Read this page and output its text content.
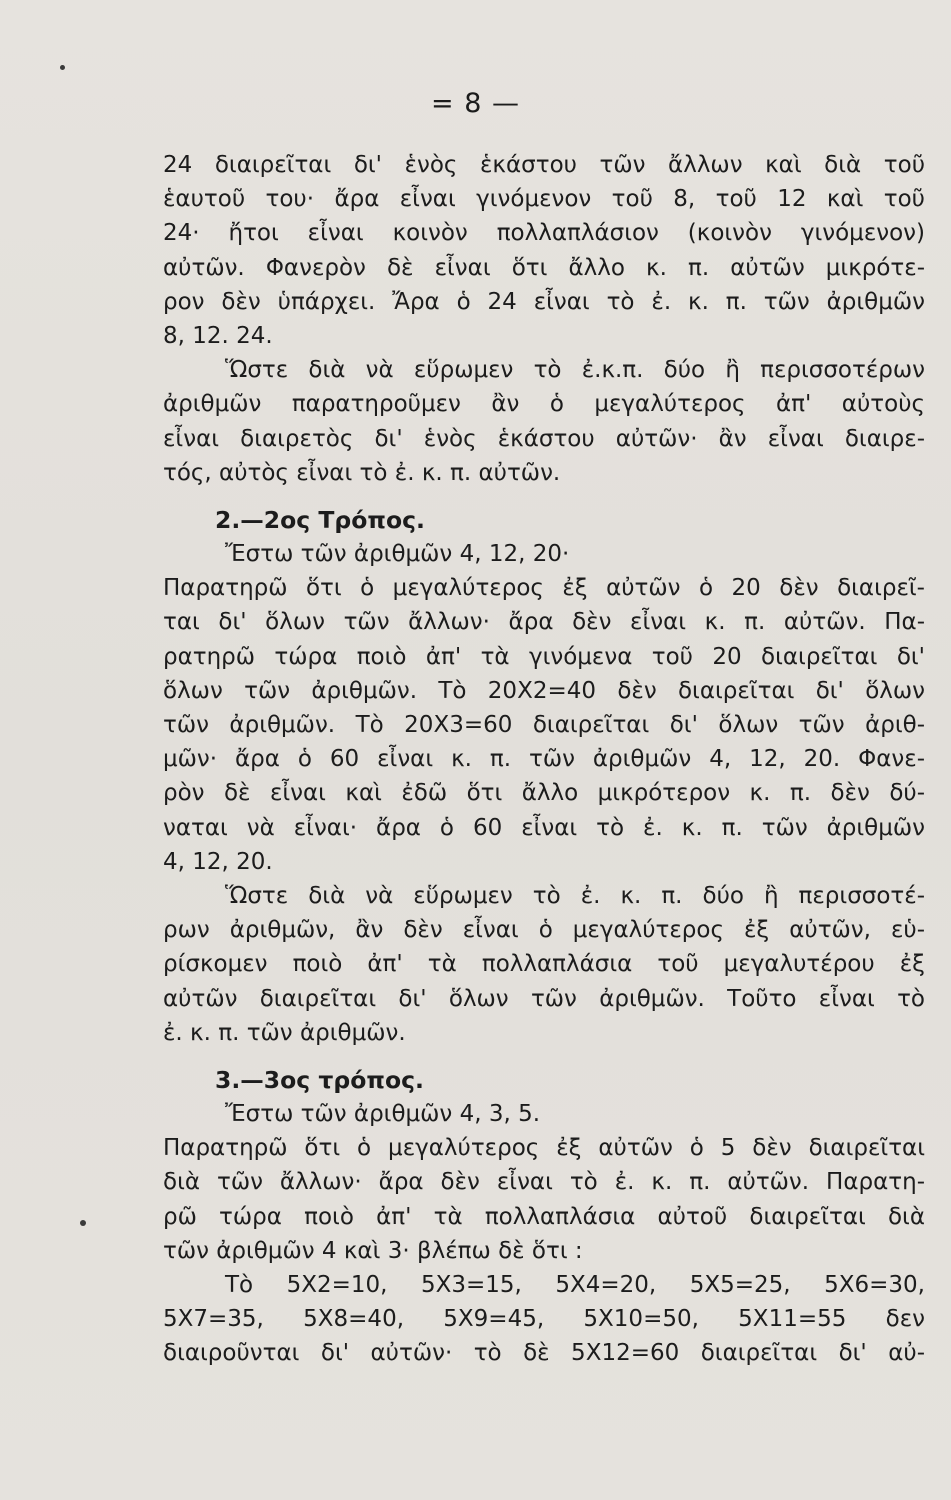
= 8 —
24 διαιρεῖται δι' ἑνὸς ἑκάστου τῶν ἄλλων καὶ διὰ τοῦ
ἑαυτοῦ του· ἄρα εἶναι γινόμενον τοῦ 8, τοῦ 12 καὶ τοῦ
24· ἤτοι εἶναι κοινὸν πολλαπλάσιον (κοινὸν γινόμενον)
αὐτῶν. Φανερὸν δὲ εἶναι ὅτι ἄλλο κ. π. αὐτῶν μικρότε-
ρον δὲν ὑπάρχει. Ἄρα ὁ 24 εἶναι τὸ ἐ. κ. π. τῶν ἀριθμῶν
8, 12. 24.
Ὥστε διὰ νὰ εὕρωμεν τὸ ἐ.κ.π. δύο ἢ περισσοτέρων
ἀριθμῶν παρατηροῦμεν ἂν ὁ μεγαλύτερος ἀπ' αὐτοὺς
εἶναι διαιρετὸς δι' ἑνὸς ἑκάστου αὐτῶν· ἂν εἶναι διαιρε-
τός, αὐτὸς εἶναι τὸ ἐ. κ. π. αὐτῶν.
2.—2ος Τρόπος.
Ἔστω τῶν ἀριθμῶν 4, 12, 20·
Παρατηρῶ ὅτι ὁ μεγαλύτερος ἐξ αὐτῶν ὁ 20 δὲν διαιρεῖ-
ται δι' ὅλων τῶν ἄλλων· ἄρα δὲν εἶναι κ. π. αὐτῶν. Πα-
ρατηρῶ τώρα ποιὸ ἀπ' τὰ γινόμενα τοῦ 20 διαιρεῖται δι'
ὅλων τῶν ἀριθμῶν. Τὸ 20Χ2=40 δὲν διαιρεῖται δι' ὅλων
τῶν ἀριθμῶν. Τὸ 20Χ3=60 διαιρεῖται δι' ὅλων τῶν ἀριθ-
μῶν· ἄρα ὁ 60 εἶναι κ. π. τῶν ἀριθμῶν 4, 12, 20. Φανε-
ρὸν δὲ εἶναι καὶ ἐδῶ ὅτι ἄλλο μικρότερον κ. π. δὲν δύ-
ναται νὰ εἶναι· ἄρα ὁ 60 εἶναι τὸ ἐ. κ. π. τῶν ἀριθμῶν
4, 12, 20.
Ὥστε διὰ νὰ εὕρωμεν τὸ ἐ. κ. π. δύο ἢ περισσοτέ-
ρων ἀριθμῶν, ἂν δὲν εἶναι ὁ μεγαλύτερος ἐξ αὐτῶν, εὑ-
ρίσκομεν ποιὸ ἀπ' τὰ πολλαπλάσια τοῦ μεγαλυτέρου ἐξ
αὐτῶν διαιρεῖται δι' ὅλων τῶν ἀριθμῶν. Τοῦτο εἶναι τὸ
ἐ. κ. π. τῶν ἀριθμῶν.
3.—3ος τρόπος.
Ἔστω τῶν ἀριθμῶν 4, 3, 5.
Παρατηρῶ ὅτι ὁ μεγαλύτερος ἐξ αὐτῶν ὁ 5 δὲν διαιρεῖται
διὰ τῶν ἄλλων· ἄρα δὲν εἶναι τὸ ἐ. κ. π. αὐτῶν. Παρατη-
ρῶ τώρα ποιὸ ἀπ' τὰ πολλαπλάσια αὐτοῦ διαιρεῖται διὰ
τῶν ἀριθμῶν 4 καὶ 3· βλέπω δὲ ὅτι :
Τὸ 5Χ2=10, 5Χ3=15, 5Χ4=20, 5Χ5=25, 5Χ6=30,
5Χ7=35, 5Χ8=40, 5Χ9=45, 5Χ10=50, 5Χ11=55 δεν
διαιροῦνται δι' αὐτῶν· τὸ δὲ 5Χ12=60 διαιρεῖται δι' αὐ-
